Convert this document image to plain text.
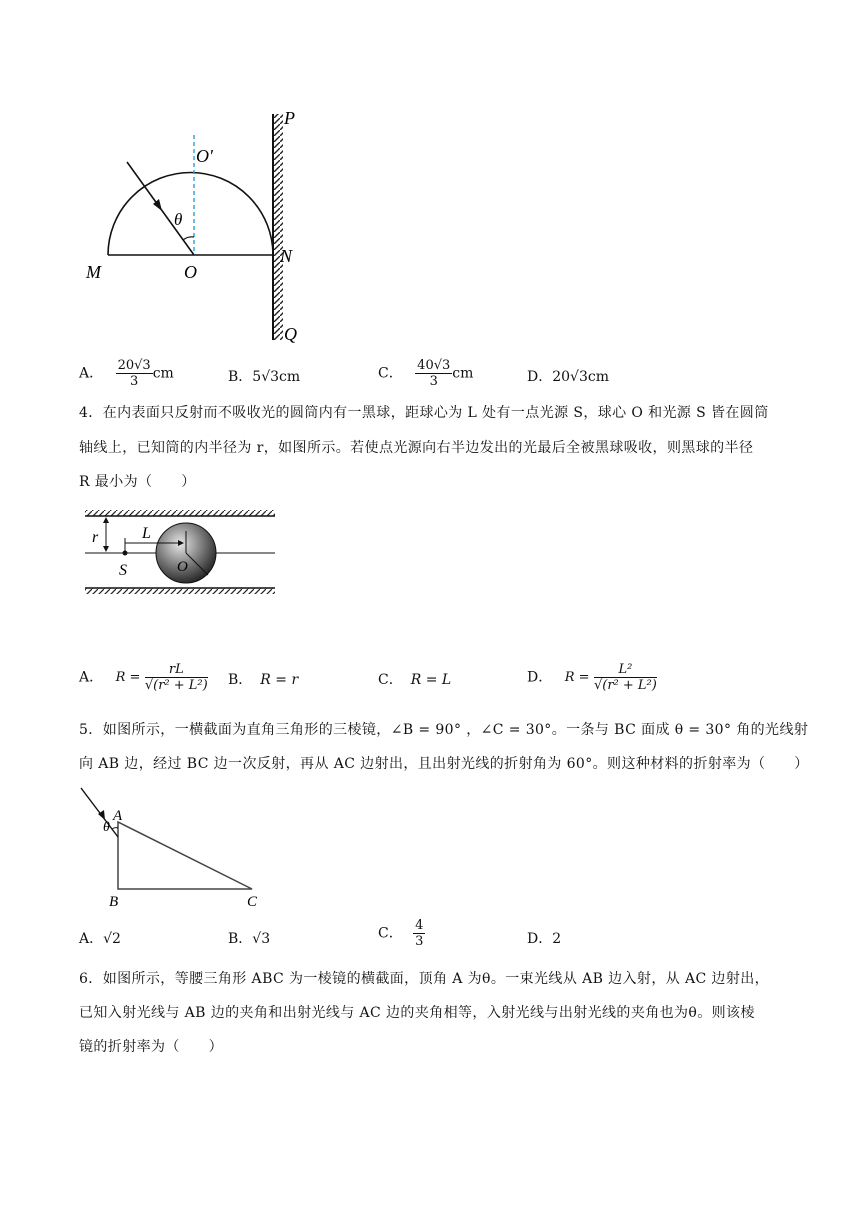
P
O′
θ
N
M	O
Q
A． $\frac{20√3}{3}$ cm	B．5√3cm	C． $\frac{40√3}{3}$ cm	D．20√3cm
4．在内表面只反射而不吸收光的圆筒内有一黑球，距球心为 L 处有一点光源 S，球心 O 和光源 S 皆在圆筒
轴线上，已知筒的内半径为 r，如图所示。若使点光源向右半边发出的光最后全被黑球吸收，则黑球的半径
R 最小为（　　）
r	L
S	O
A． $R = \frac{rL}{\text{√(r² + L²)}}$ B． R = r	C． R = L	D． $R = \frac{\text{L²}}{\text{√(r² + L²)}}$
5．如图所示，一横截面为直角三角形的三棱镜，∠B = 90° ，∠C = 30°。一条与 BC 面成 θ = 30° 角的光线射
向 AB 边，经过 BC 边一次反射，再从 AC 边射出，且出射光线的折射角为 60°。则这种材料的折射率为（　　）
A
θ
B	C
A．√2	B．√3	C． $\frac{4}{3}$	D．2
6．如图所示，等腰三角形 ABC 为一棱镜的横截面，顶角 A 为θ。一束光线从 AB 边入射，从 AC 边射出，
已知入射光线与 AB 边的夹角和出射光线与 AC 边的夹角相等，入射光线与出射光线的夹角也为θ。则该棱
镜的折射率为（　　）
